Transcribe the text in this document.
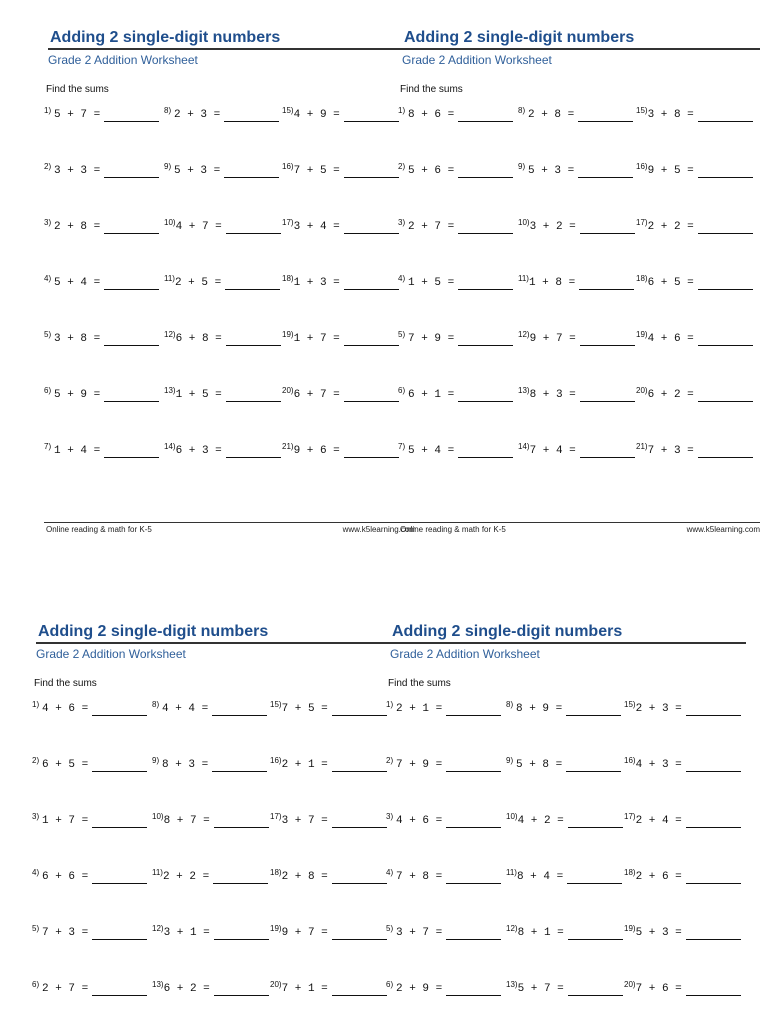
Adding 2 single-digit numbers
Grade 2 Addition Worksheet
Find the sums
1) 5 + 7 =	8) 2 + 3 =	15)4 + 9 =
2) 3 + 3 =	9) 5 + 3 =	16)7 + 5 =
3) 2 + 8 =	10)4 + 7 =	17)3 + 4 =
4) 5 + 4 =	11)2 + 5 =	18)1 + 3 =
5) 3 + 8 =	12)6 + 8 =	19)1 + 7 =
6) 5 + 9 =	13)1 + 5 =	20)6 + 7 =
7) 1 + 4 =	14)6 + 3 =	21)9 + 6 =
Online reading & math for K-5	www.k5learning.com
Adding 2 single-digit numbers
Grade 2 Addition Worksheet
Find the sums
1) 8 + 6 =	8) 2 + 8 =	15)3 + 8 =
2) 5 + 6 =	9) 5 + 3 =	16)9 + 5 =
3) 2 + 7 =	10)3 + 2 =	17)2 + 2 =
4) 1 + 5 =	11)1 + 8 =	18)6 + 5 =
5) 7 + 9 =	12)9 + 7 =	19)4 + 6 =
6) 6 + 1 =	13)8 + 3 =	20)6 + 2 =
7) 5 + 4 =	14)7 + 4 =	21)7 + 3 =
Online reading & math for K-5	www.k5learning.com
Adding 2 single-digit numbers
Grade 2 Addition Worksheet
Find the sums
1) 4 + 6 =	8) 4 + 4 =	15)7 + 5 =
2) 6 + 5 =	9) 8 + 3 =	16)2 + 1 =
3) 1 + 7 =	10)8 + 7 =	17)3 + 7 =
4) 6 + 6 =	11)2 + 2 =	18)2 + 8 =
5) 7 + 3 =	12)3 + 1 =	19)9 + 7 =
6) 2 + 7 =	13)6 + 2 =	20)7 + 1 =
Adding 2 single-digit numbers
Grade 2 Addition Worksheet
Find the sums
1) 2 + 1 =	8) 8 + 9 =	15)2 + 3 =
2) 7 + 9 =	9) 5 + 8 =	16)4 + 3 =
3) 4 + 6 =	10)4 + 2 =	17)2 + 4 =
4) 7 + 8 =	11)8 + 4 =	18)2 + 6 =
5) 3 + 7 =	12)8 + 1 =	19)5 + 3 =
6) 2 + 9 =	13)5 + 7 =	20)7 + 6 =
